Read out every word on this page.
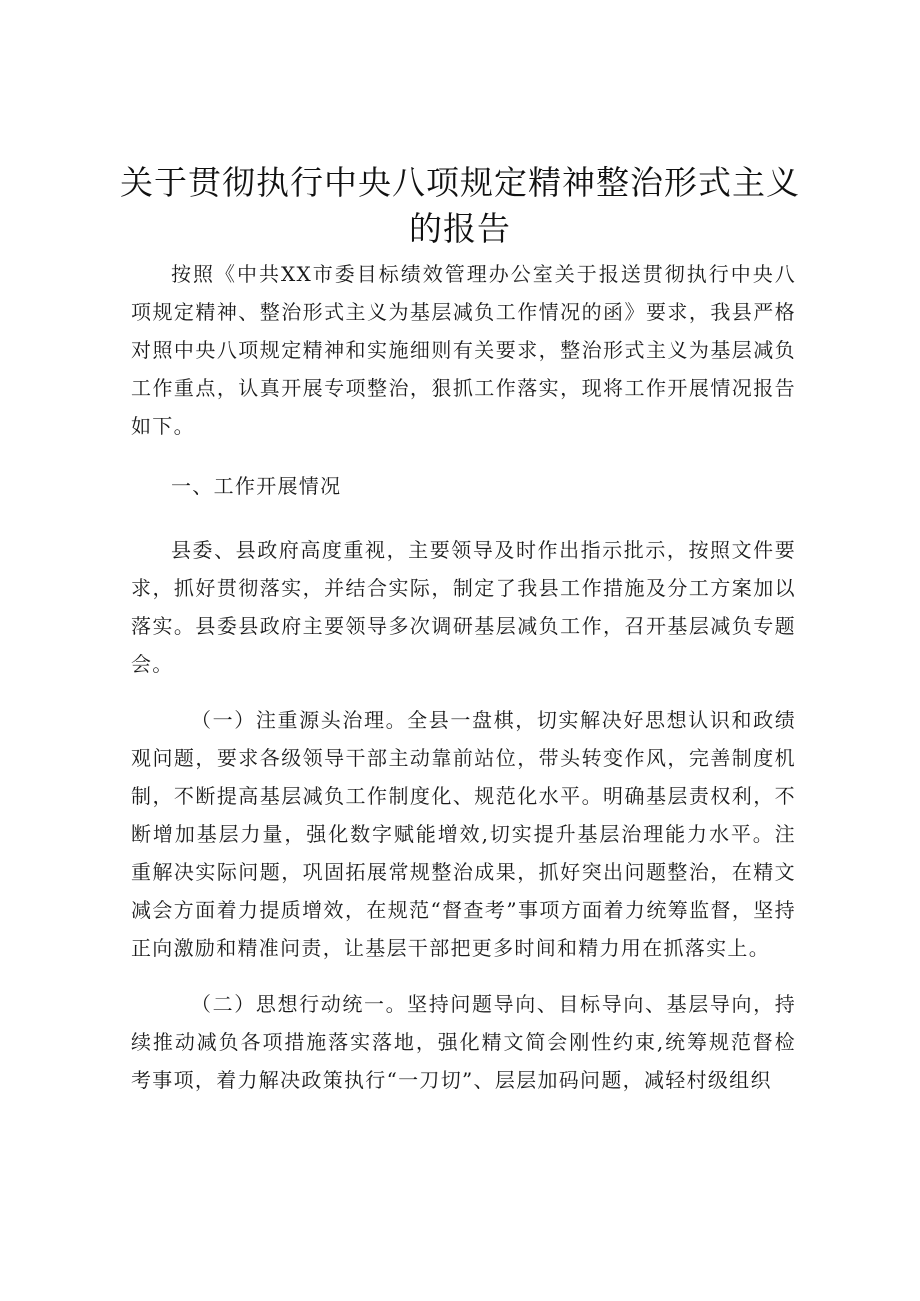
关于贯彻执行中央八项规定精神整治形式主义
的报告

按照《中共XX市委目标绩效管理办公室关于报送贯彻执行中央八项规定精神、整治形式主义为基层减负工作情况的函》要求，我县严格对照中央八项规定精神和实施细则有关要求，整治形式主义为基层减负工作重点，认真开展专项整治，狠抓工作落实，现将工作开展情况报告如下。

一、工作开展情况

县委、县政府高度重视，主要领导及时作出指示批示，按照文件要求，抓好贯彻落实，并结合实际，制定了我县工作措施及分工方案加以落实。县委县政府主要领导多次调研基层减负工作，召开基层减负专题会。

（一）注重源头治理。全县一盘棋，切实解决好思想认识和政绩观问题，要求各级领导干部主动靠前站位，带头转变作风，完善制度机制，不断提高基层减负工作制度化、规范化水平。明确基层责权利，不断增加基层力量，强化数字赋能增效,切实提升基层治理能力水平。注重解决实际问题，巩固拓展常规整治成果，抓好突出问题整治，在精文减会方面着力提质增效，在规范“督查考”事项方面着力统筹监督，坚持正向激励和精准问责，让基层干部把更多时间和精力用在抓落实上。

（二）思想行动统一。坚持问题导向、目标导向、基层导向，持续推动减负各项措施落实落地，强化精文简会刚性约束,统筹规范督检考事项，着力解决政策执行“一刀切”、层层加码问题，减轻村级组织
